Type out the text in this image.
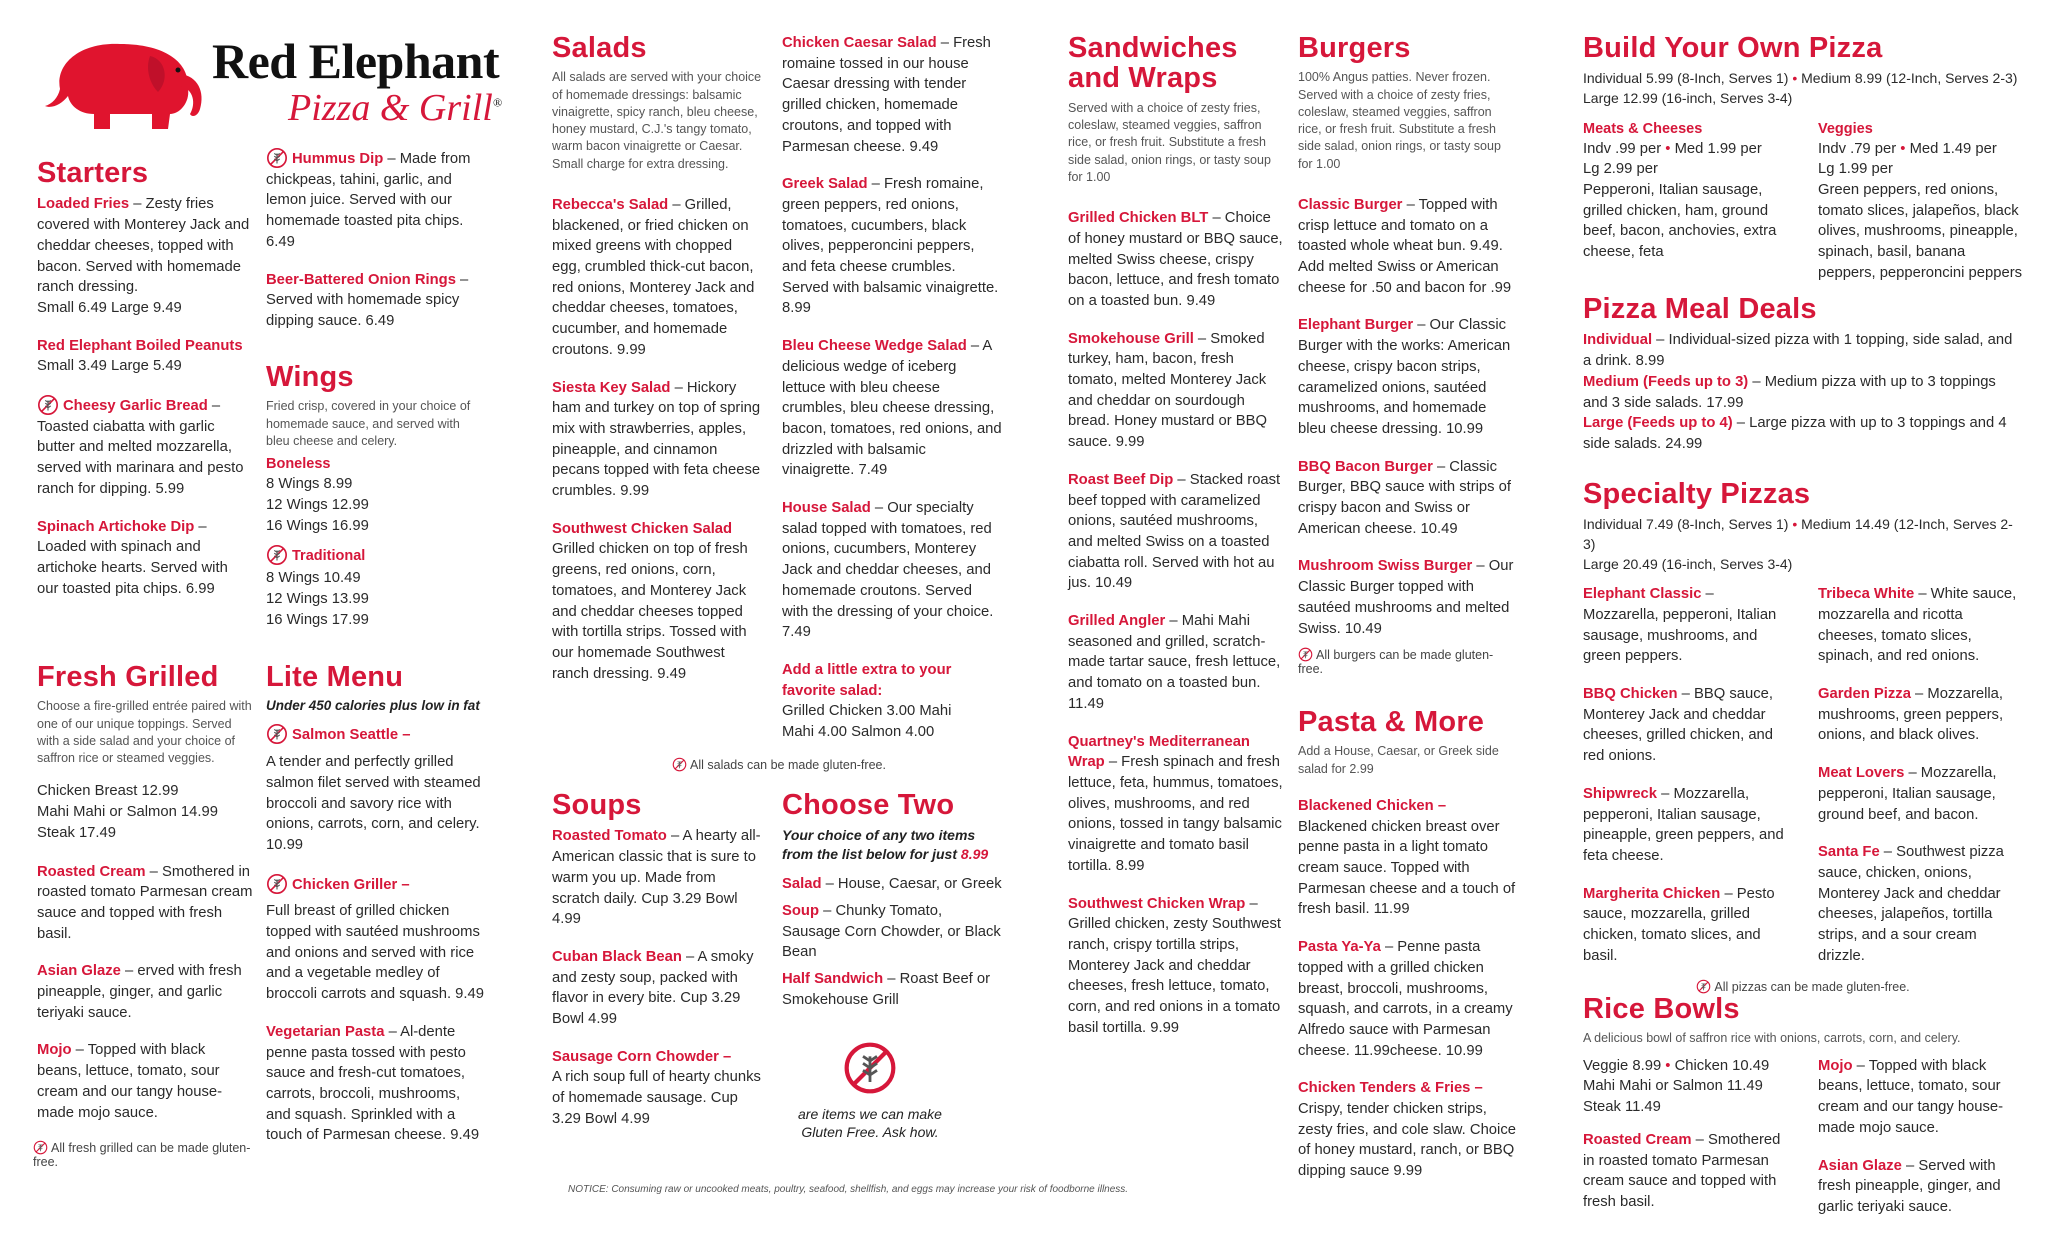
Red Elephant
Pizza & Grill®
Starters
Loaded Fries – Zesty fries covered with Monterey Jack and cheddar cheeses, topped with bacon. Served with homemade ranch dressing.
Small 6.49 Large 9.49
Red Elephant Boiled Peanuts
Small 3.49 Large 5.49
Cheesy Garlic Bread – Toasted ciabatta with garlic butter and melted mozzarella, served with marinara and pesto ranch for dipping. 5.99
Spinach Artichoke Dip – Loaded with spinach and artichoke hearts. Served with our toasted pita chips. 6.99
Fresh Grilled
Choose a fire-grilled entrée paired with one of our unique toppings. Served with a side salad and your choice of saffron rice or steamed veggies.
Chicken Breast 12.99
Mahi Mahi or Salmon 14.99
Steak 17.49
Roasted Cream – Smothered in roasted tomato Parmesan cream sauce and topped with fresh basil.
Asian Glaze – erved with fresh pineapple, ginger, and garlic teriyaki sauce.
Mojo – Topped with black beans, lettuce, tomato, sour cream and our tangy house-made mojo sauce.
All fresh grilled can be made gluten-free.
Hummus Dip – Made from chickpeas, tahini, garlic, and lemon juice. Served with our homemade toasted pita chips. 6.49
Beer-Battered Onion Rings – Served with homemade spicy dipping sauce. 6.49
Wings
Fried crisp, covered in your choice of homemade sauce, and served with bleu cheese and celery.
Boneless
8 Wings 8.99
12 Wings 12.99
16 Wings 16.99
Traditional
8 Wings 10.49
12 Wings 13.99
16 Wings 17.99
Lite Menu
Under 450 calories plus low in fat
Salmon Seattle –

A tender and perfectly grilled salmon filet served with steamed broccoli and savory rice with onions, carrots, corn, and celery. 10.99
Chicken Griller –

Full breast of grilled chicken topped with sautéed mushrooms and onions and served with rice and a vegetable medley of broccoli carrots and squash. 9.49
Vegetarian Pasta – Al-dente penne pasta tossed with pesto sauce and fresh-cut tomatoes, carrots, broccoli, mushrooms, and squash. Sprinkled with a touch of Parmesan cheese. 9.49
Salads
All salads are served with your choice of homemade dressings: balsamic vinaigrette, spicy ranch, bleu cheese, honey mustard, C.J.'s tangy tomato, warm bacon vinaigrette or Caesar. Small charge for extra dressing.
Rebecca's Salad – Grilled, blackened, or fried chicken on mixed greens with chopped egg, crumbled thick-cut bacon, red onions, Monterey Jack and cheddar cheeses, tomatoes, cucumber, and homemade croutons. 9.99
Siesta Key Salad – Hickory ham and turkey on top of spring mix with strawberries, apples, pineapple, and cinnamon pecans topped with feta cheese crumbles. 9.99
Southwest Chicken Salad
Grilled chicken on top of fresh greens, red onions, corn, tomatoes, and Monterey Jack and cheddar cheeses topped with tortilla strips. Tossed with our homemade Southwest ranch dressing. 9.49
Soups
Roasted Tomato – A hearty all-American classic that is sure to warm you up. Made from scratch daily. Cup 3.29 Bowl 4.99
Cuban Black Bean – A smoky and zesty soup, packed with flavor in every bite. Cup 3.29 Bowl 4.99
Sausage Corn Chowder –
A rich soup full of hearty chunks of homemade sausage. Cup 3.29 Bowl 4.99
Chicken Caesar Salad – Fresh romaine tossed in our house Caesar dressing with tender grilled chicken, homemade croutons, and topped with Parmesan cheese. 9.49
Greek Salad – Fresh romaine, green peppers, red onions, tomatoes, cucumbers, black olives, pepperoncini peppers, and feta cheese crumbles. Served with balsamic vinaigrette. 8.99
Bleu Cheese Wedge Salad – A delicious wedge of iceberg lettuce with bleu cheese crumbles, bleu cheese dressing, bacon, tomatoes, red onions, and drizzled with balsamic vinaigrette. 7.49
House Salad – Our specialty salad topped with tomatoes, red onions, cucumbers, Monterey Jack and cheddar cheeses, and homemade croutons. Served with the dressing of your choice. 7.49
Add a little extra to your favorite salad:
Grilled Chicken 3.00 Mahi
Mahi 4.00 Salmon 4.00
All salads can be made gluten-free.
Choose Two
Your choice of any two items from the list below for just 8.99
Salad – House, Caesar, or Greek
Soup – Chunky Tomato, Sausage Corn Chowder, or Black Bean
Half Sandwich – Roast Beef or Smokehouse Grill
are items we can make
Gluten Free. Ask how.
NOTICE: Consuming raw or uncooked meats, poultry, seafood, shellfish, and eggs may increase your risk of foodborne illness.
Sandwiches
and Wraps
Served with a choice of zesty fries, coleslaw, steamed veggies, saffron rice, or fresh fruit. Substitute a fresh side salad, onion rings, or tasty soup for 1.00
Grilled Chicken BLT – Choice of honey mustard or BBQ sauce, melted Swiss cheese, crispy bacon, lettuce, and fresh tomato on a toasted bun. 9.49
Smokehouse Grill – Smoked turkey, ham, bacon, fresh tomato, melted Monterey Jack and cheddar on sourdough bread. Honey mustard or BBQ sauce. 9.99
Roast Beef Dip – Stacked roast beef topped with caramelized onions, sautéed mushrooms, and melted Swiss on a toasted ciabatta roll. Served with hot au jus. 10.49
Grilled Angler – Mahi Mahi seasoned and grilled, scratch-made tartar sauce, fresh lettuce, and tomato on a toasted bun. 11.49
Quartney's Mediterranean Wrap – Fresh spinach and fresh lettuce, feta, hummus, tomatoes, olives, mushrooms, and red onions, tossed in tangy balsamic vinaigrette and tomato basil tortilla. 8.99
Southwest Chicken Wrap – Grilled chicken, zesty Southwest ranch, crispy tortilla strips, Monterey Jack and cheddar cheeses, fresh lettuce, tomato, corn, and red onions in a tomato basil tortilla. 9.99
Burgers
100% Angus patties. Never frozen. Served with a choice of zesty fries, coleslaw, steamed veggies, saffron rice, or fresh fruit. Substitute a fresh side salad, onion rings, or tasty soup for 1.00
Classic Burger – Topped with crisp lettuce and tomato on a toasted whole wheat bun. 9.49. Add melted Swiss or American cheese for .50 and bacon for .99
Elephant Burger – Our Classic Burger with the works: American cheese, crispy bacon strips, caramelized onions, sautéed mushrooms, and homemade bleu cheese dressing. 10.99
BBQ Bacon Burger – Classic Burger, BBQ sauce with strips of crispy bacon and Swiss or American cheese. 10.49
Mushroom Swiss Burger – Our Classic Burger topped with sautéed mushrooms and melted Swiss. 10.49
All burgers can be made gluten-free.
Pasta & More
Add a House, Caesar, or Greek side salad for 2.99
Blackened Chicken –
Blackened chicken breast over penne pasta in a light tomato cream sauce. Topped with Parmesan cheese and a touch of fresh basil. 11.99
Pasta Ya-Ya – Penne pasta topped with a grilled chicken breast, broccoli, mushrooms, squash, and carrots, in a creamy Alfredo sauce with Parmesan cheese. 11.99cheese. 10.99
Chicken Tenders & Fries –
Crispy, tender chicken strips, zesty fries, and cole slaw. Choice of honey mustard, ranch, or BBQ dipping sauce 9.99
Build Your Own Pizza
Individual 5.99 (8-Inch, Serves 1) • Medium 8.99 (12-Inch, Serves 2-3)
Large 12.99 (16-inch, Serves 3-4)
Meats & Cheeses
Indv .99 per • Med 1.99 per
Lg 2.99 per
Pepperoni, Italian sausage, grilled chicken, ham, ground beef, bacon, anchovies, extra cheese, feta
Veggies
Indv .79 per • Med 1.49 per
Lg 1.99 per
Green peppers, red onions, tomato slices, jalapeños, black olives, mushrooms, pineapple, spinach, basil, banana peppers, pepperoncini peppers
Pizza Meal Deals
Individual – Individual-sized pizza with 1 topping, side salad, and a drink. 8.99
Medium (Feeds up to 3) – Medium pizza with up to 3 toppings and 3 side salads. 17.99
Large (Feeds up to 4) – Large pizza with up to 3 toppings and 4 side salads. 24.99
Specialty Pizzas
Individual 7.49 (8-Inch, Serves 1) • Medium 14.49 (12-Inch, Serves 2-3)
Large 20.49 (16-inch, Serves 3-4)
Elephant Classic – Mozzarella, pepperoni, Italian sausage, mushrooms, and green peppers.
BBQ Chicken – BBQ sauce, Monterey Jack and cheddar cheeses, grilled chicken, and red onions.
Shipwreck – Mozzarella, pepperoni, Italian sausage, pineapple, green peppers, and feta cheese.
Margherita Chicken – Pesto sauce, mozzarella, grilled chicken, tomato slices, and basil.
Tribeca White – White sauce, mozzarella and ricotta cheeses, tomato slices, spinach, and red onions.
Garden Pizza – Mozzarella, mushrooms, green peppers, onions, and black olives.
Meat Lovers – Mozzarella, pepperoni, Italian sausage, ground beef, and bacon.
Santa Fe – Southwest pizza sauce, chicken, onions, Monterey Jack and cheddar cheeses, jalapeños, tortilla strips, and a sour cream drizzle.
All pizzas can be made gluten-free.
Rice Bowls
A delicious bowl of saffron rice with onions, carrots, corn, and celery.
Veggie 8.99 • Chicken 10.49
Mahi Mahi or Salmon 11.49
Steak 11.49
Roasted Cream – Smothered in roasted tomato Parmesan cream sauce and topped with fresh basil.
Mojo – Topped with black beans, lettuce, tomato, sour cream and our tangy house-made mojo sauce.
Asian Glaze – Served with fresh pineapple, ginger, and garlic teriyaki sauce.
